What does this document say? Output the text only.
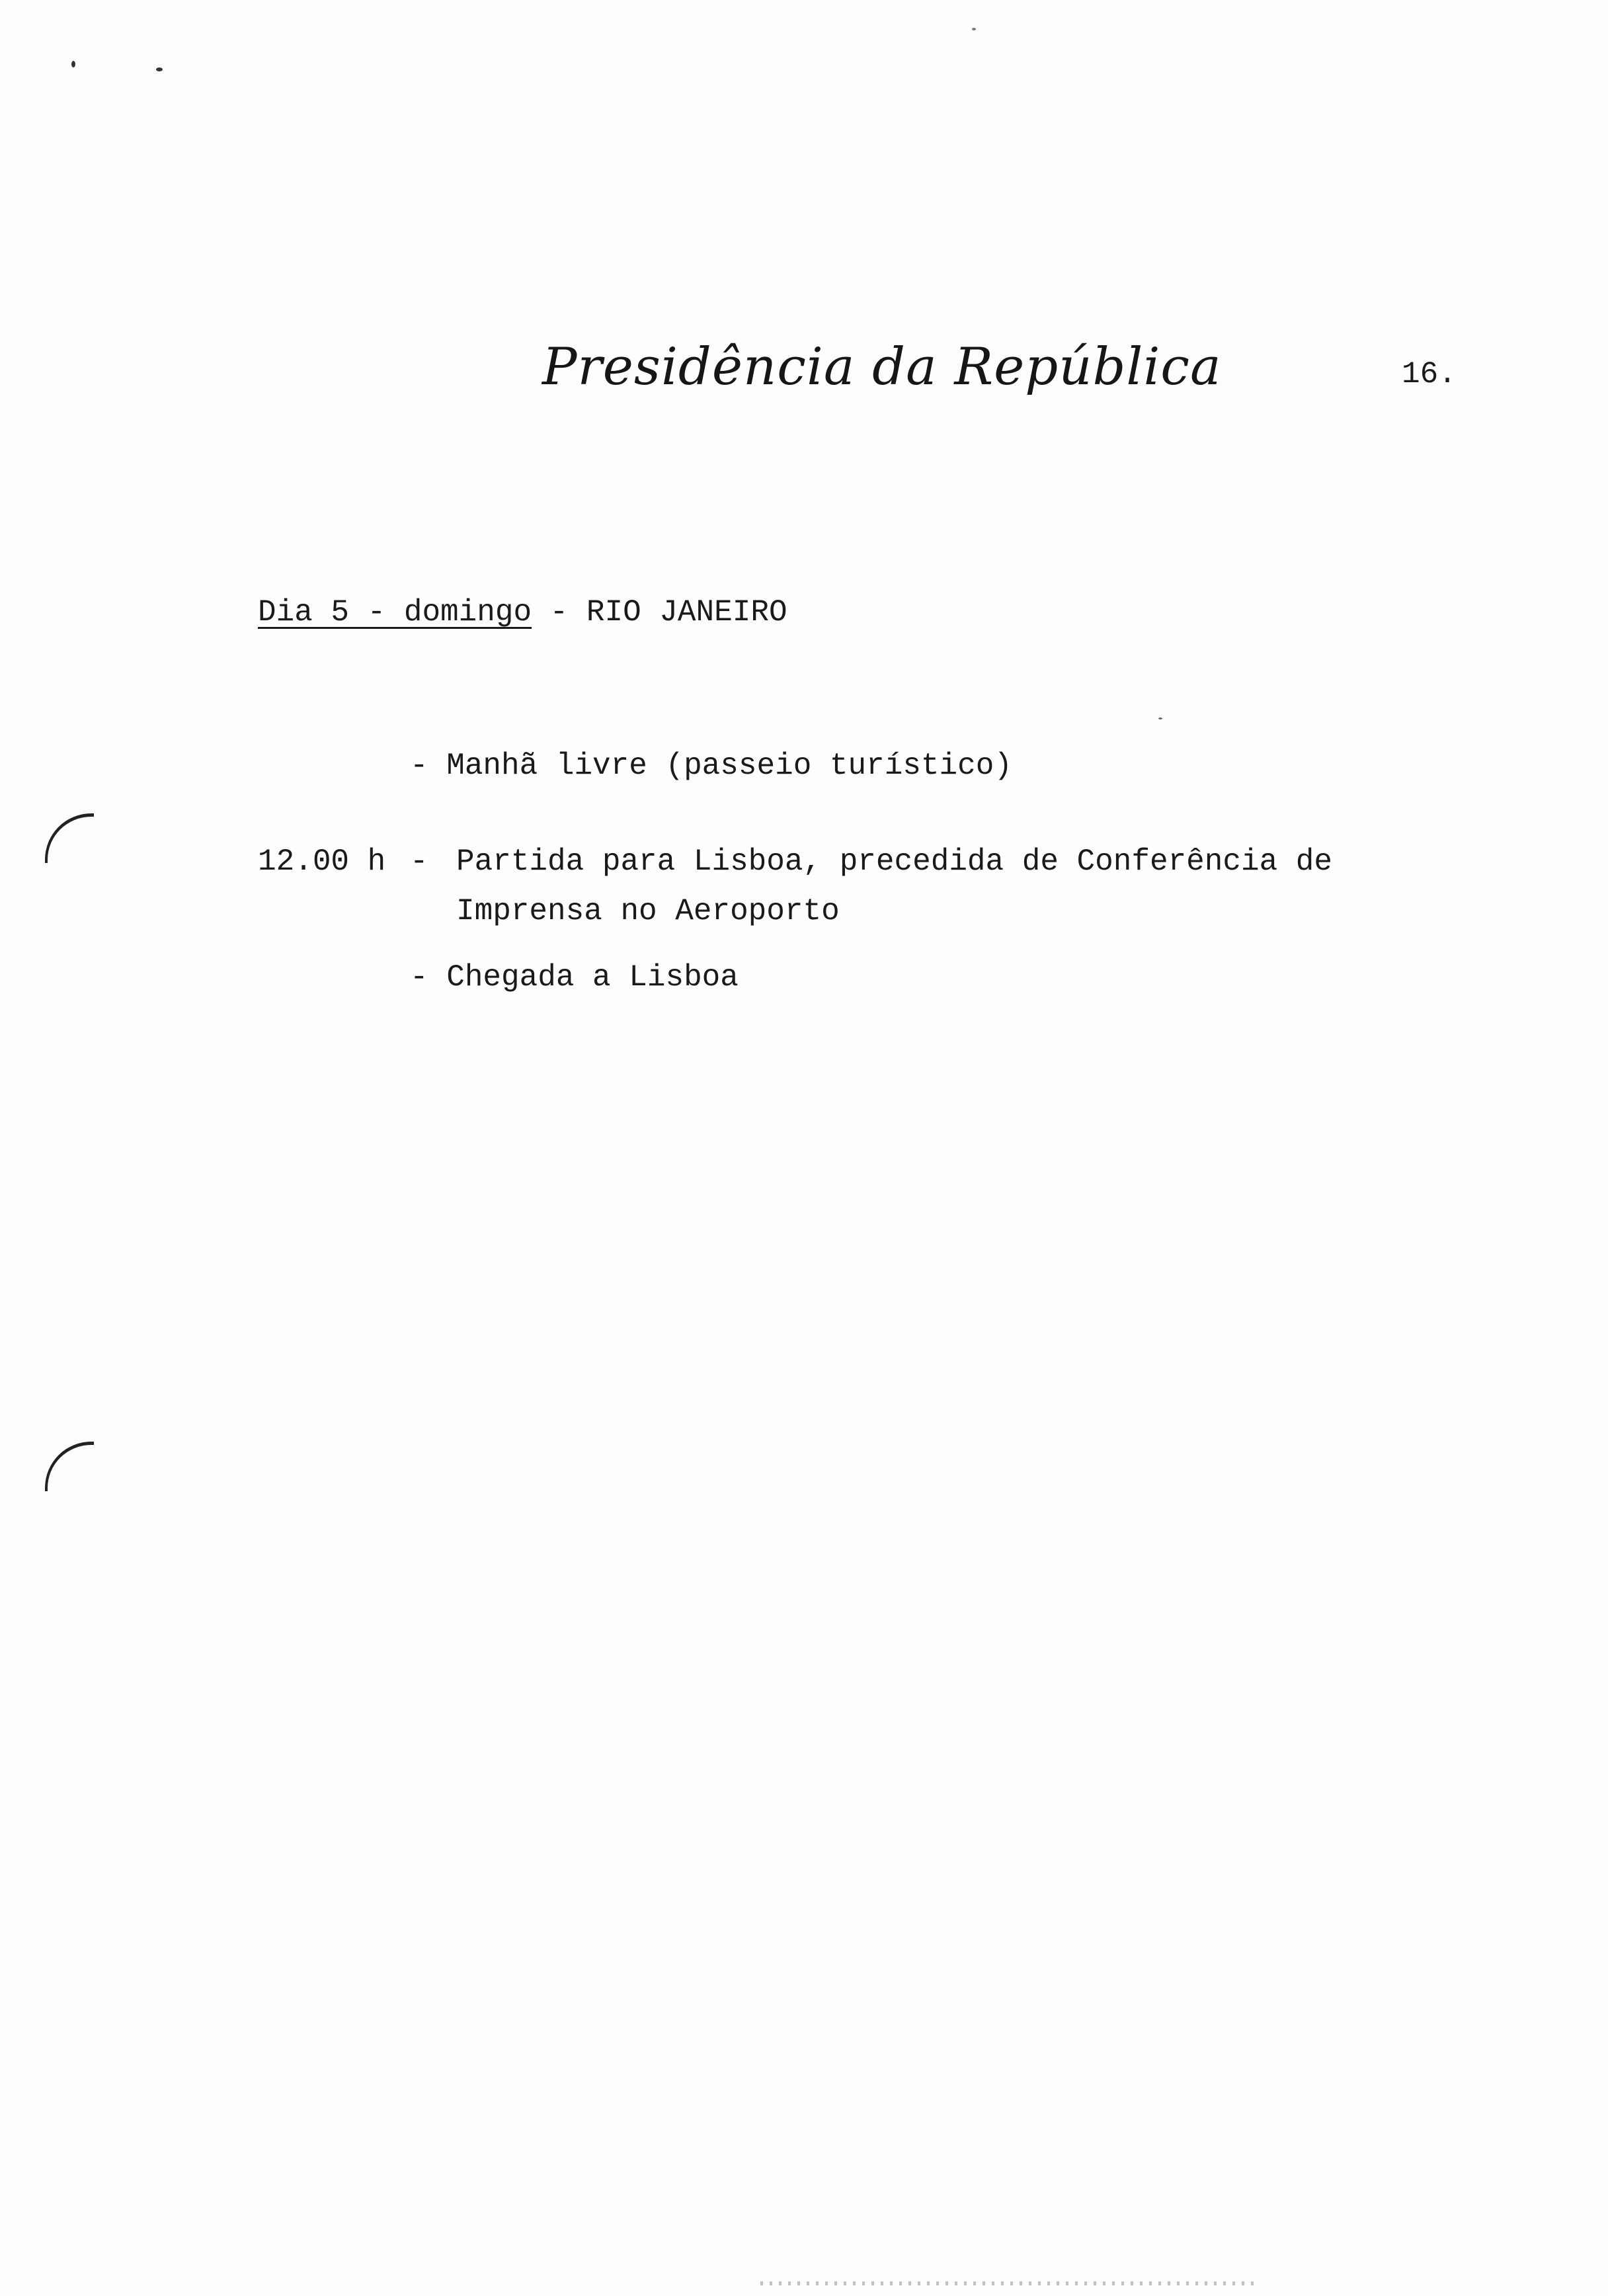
Presidência da República	16.
Dia 5 - domingo - RIO JANEIRO
- Manhã livre (passeio turístico)
12.00 h - Partida para Lisboa, precedida de Conferência de
Imprensa no Aeroporto
- Chegada a Lisboa
